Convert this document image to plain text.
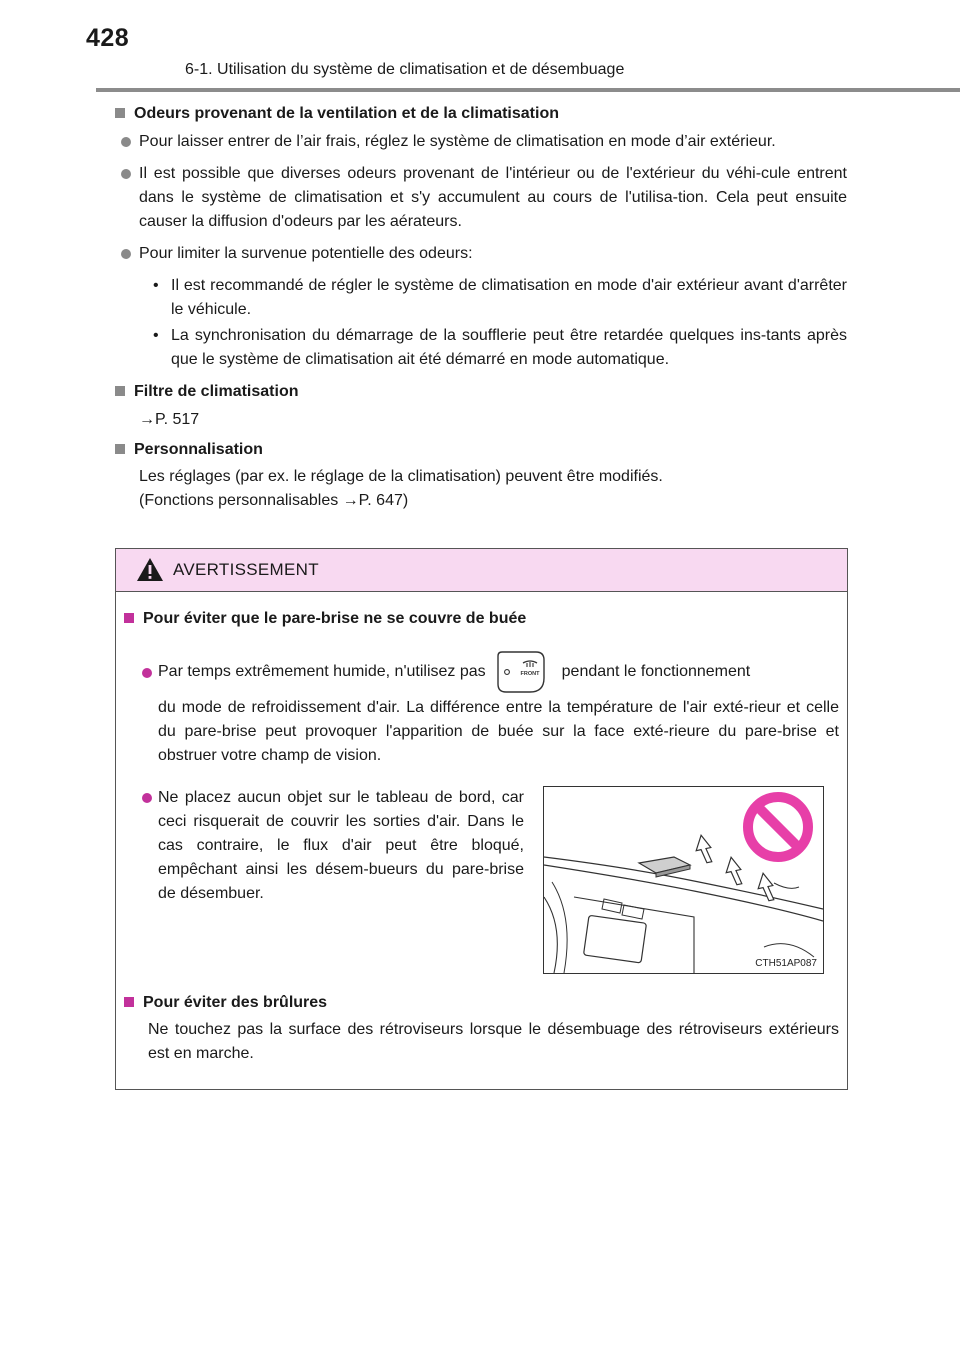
428
6-1. Utilisation du système de climatisation et de désembuage
Odeurs provenant de la ventilation et de la climatisation
Pour laisser entrer de l’air frais, réglez le système de climatisation en mode d’air extérieur.
Il est possible que diverses odeurs provenant de l'intérieur ou de l'extérieur du véhi-cule entrent dans le système de climatisation et s'y accumulent au cours de l'utilisa-tion. Cela peut ensuite causer la diffusion d'odeurs par les aérateurs.
Pour limiter la survenue potentielle des odeurs:
• Il est recommandé de régler le système de climatisation en mode d'air extérieur avant d'arrêter le véhicule.
• La synchronisation du démarrage de la soufflerie peut être retardée quelques ins-tants après que le système de climatisation ait été démarré en mode automatique.
Filtre de climatisation
→P. 517
Personnalisation
Les réglages (par ex. le réglage de la climatisation) peuvent être modifiés.
(Fonctions personnalisables →P. 647)
AVERTISSEMENT
Pour éviter que le pare-brise ne se couvre de buée
Par temps extrêmement humide, n'utilisez pas	FRONT pendant le fonctionnement
du mode de refroidissement d'air. La différence entre la température de l'air exté-rieur et celle du pare-brise peut provoquer l'apparition de buée sur la face exté-rieure du pare-brise et obstruer votre champ de vision.
Ne placez aucun objet sur le tableau de bord, car ceci risquerait de couvrir les sorties d'air. Dans le cas contraire, le flux d'air peut être bloqué, empêchant ainsi les désem-bueurs du pare-brise de désembuer.
Pour éviter des brûlures
Ne touchez pas la surface des rétroviseurs lorsque le désembuage des rétroviseurs extérieurs est en marche.
CTH51AP087
